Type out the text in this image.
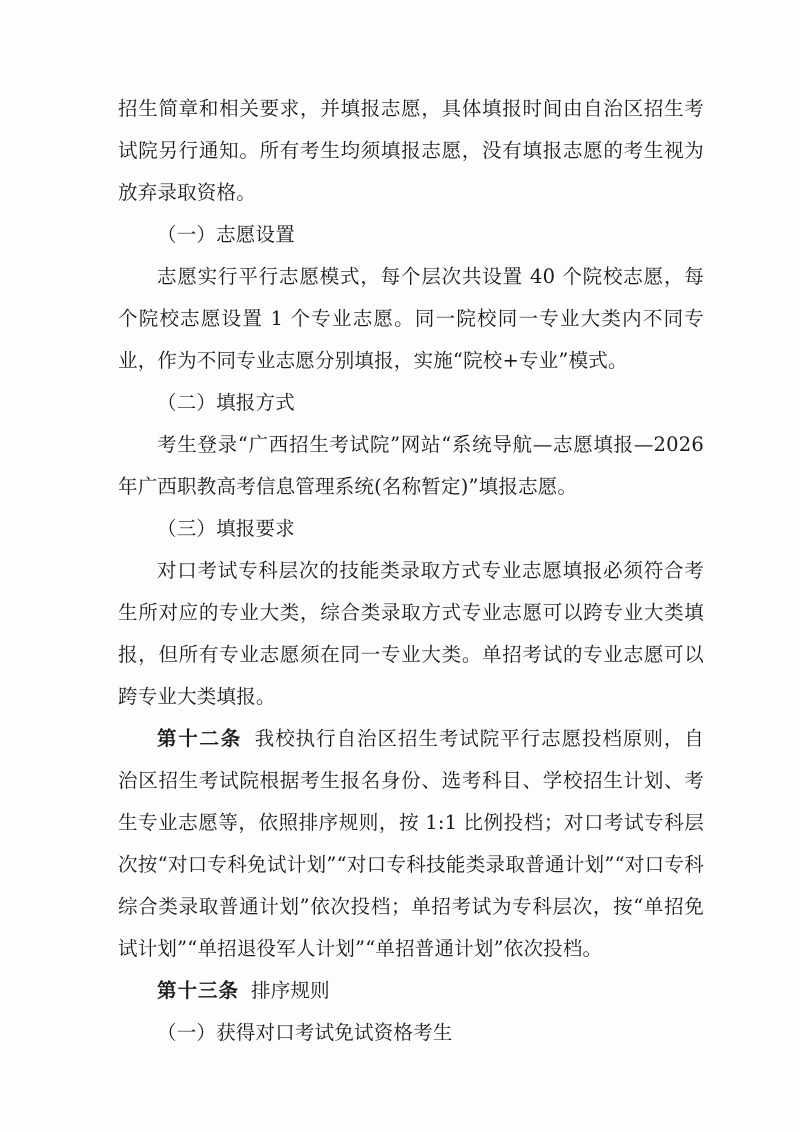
招生简章和相关要求，并填报志愿，具体填报时间由自治区招生考试院另行通知。所有考生均须填报志愿，没有填报志愿的考生视为放弃录取资格。

（一）志愿设置

志愿实行平行志愿模式，每个层次共设置 40 个院校志愿，每个院校志愿设置 1 个专业志愿。同一院校同一专业大类内不同专业，作为不同专业志愿分别填报，实施“院校+专业”模式。

（二）填报方式

考生登录“广西招生考试院”网站“系统导航—志愿填报—2026 年广西职教高考信息管理系统(名称暂定)”填报志愿。

（三）填报要求

对口考试专科层次的技能类录取方式专业志愿填报必须符合考生所对应的专业大类，综合类录取方式专业志愿可以跨专业大类填报，但所有专业志愿须在同一专业大类。单招考试的专业志愿可以跨专业大类填报。

第十二条 我校执行自治区招生考试院平行志愿投档原则，自治区招生考试院根据考生报名身份、选考科目、学校招生计划、考生专业志愿等，依照排序规则，按 1:1 比例投档；对口考试专科层次按“对口专科免试计划”“对口专科技能类录取普通计划”“对口专科综合类录取普通计划”依次投档；单招考试为专科层次，按“单招免试计划”“单招退役军人计划”“单招普通计划”依次投档。

第十三条 排序规则

（一）获得对口考试免试资格考生
